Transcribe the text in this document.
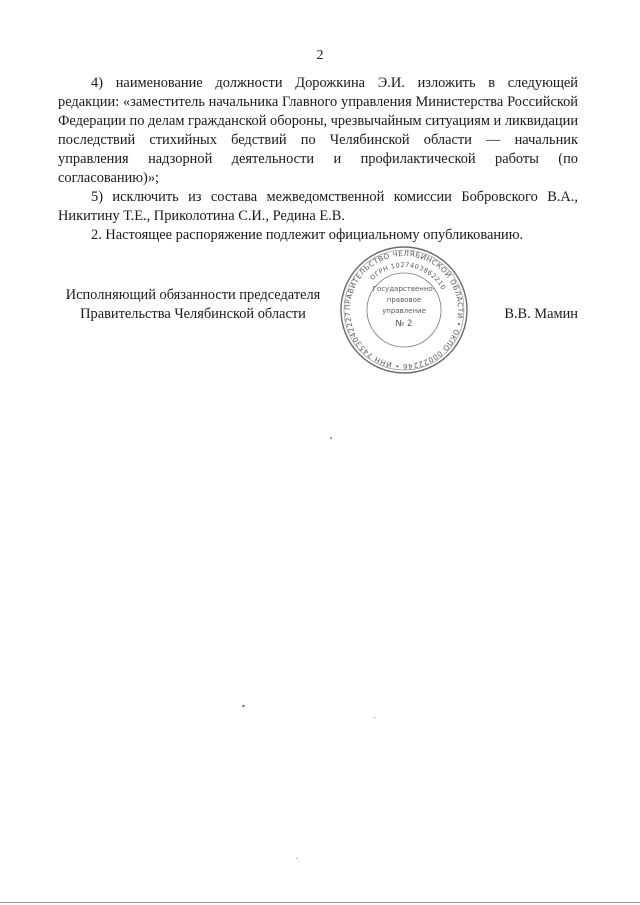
2

4) наименование должности Дорожкина Э.И. изложить в следующей редакции: «заместитель начальника Главного управления Министерства Российской Федерации по делам гражданской обороны, чрезвычайным ситуациям и ликвидации последствий стихийных бедствий по Челябинской области — начальник управления надзорной деятельности и профилактической работы (по согласованию)»;

5) исключить из состава межведомственной комиссии Бобровского В.А., Никитину Т.Е., Приколотина С.И., Редина Е.В.

2. Настоящее распоряжение подлежит официальному опубликованию.

ПРАВИТЕЛЬСТВО ЧЕЛЯБИНСКОЙ ОБЛАСТИ • ОКПО 00022246 • ИНН 7453042227
ОГРН 1027403862210
Государственно-
правовое
управление
№ 2
Исполняющий обязанности председателя
Правительства Челябинской области	В.В. Мамин
